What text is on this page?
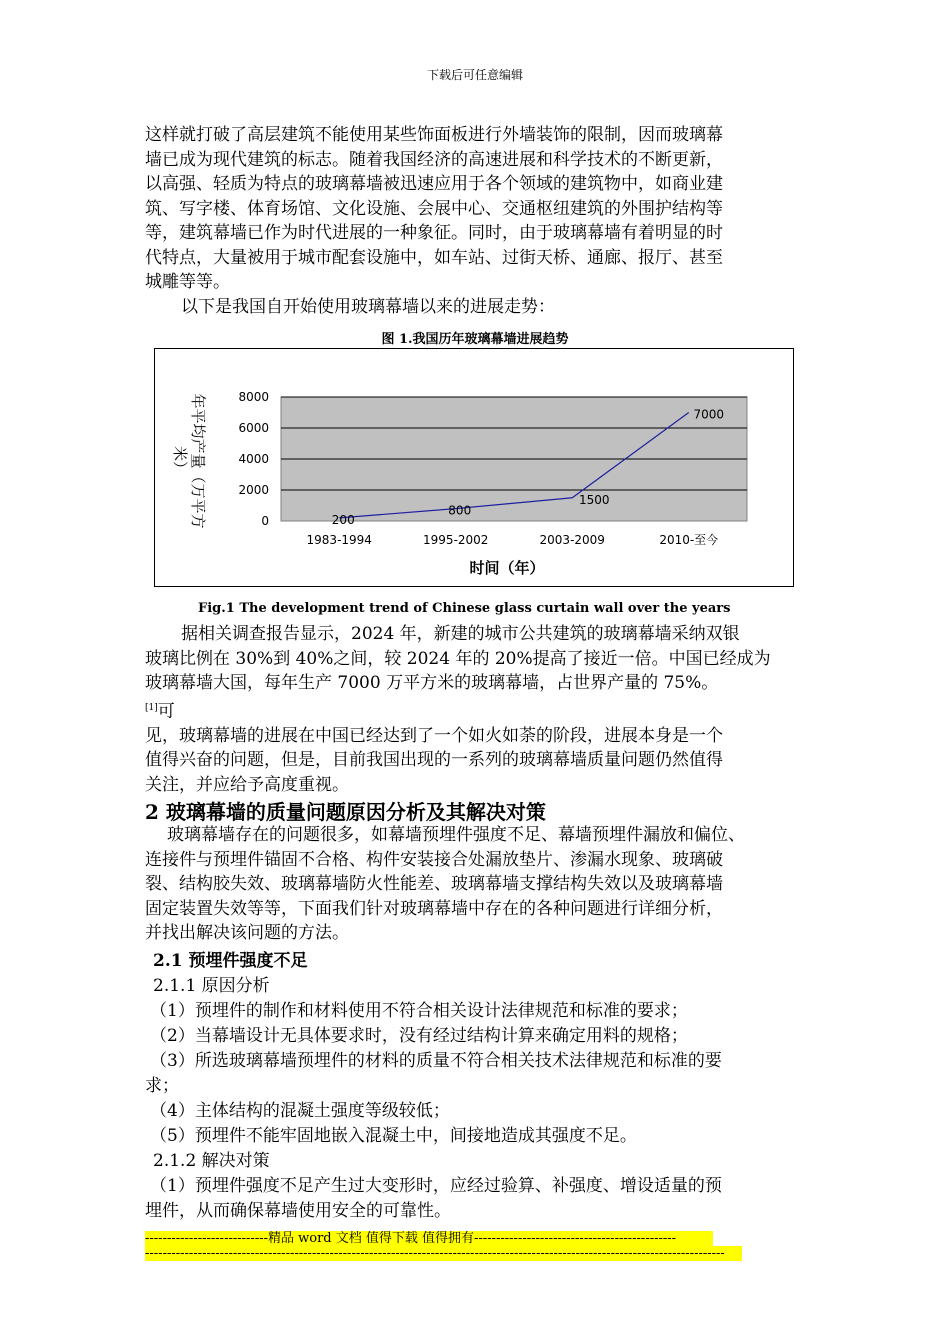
下载后可任意编辑
这样就打破了高层建筑不能使用某些饰面板进行外墙装饰的限制，因而玻璃幕
墙已成为现代建筑的标志。随着我国经济的高速进展和科学技术的不断更新，
以高强、轻质为特点的玻璃幕墙被迅速应用于各个领域的建筑物中，如商业建
筑、写字楼、体育场馆、文化设施、会展中心、交通枢纽建筑的外围护结构等
等，建筑幕墙已作为时代进展的一种象征。同时，由于玻璃幕墙有着明显的时
代特点，大量被用于城市配套设施中，如车站、过街天桥、通廊、报厅、甚至
城雕等等。
以下是我国自开始使用玻璃幕墙以来的进展走势：
图 1.我国历年玻璃幕墙进展趋势
0
2000
4000
6000
8000
1983-1994	1995-2002	2003-2009	2010-至今
200
800
1500
7000
年平均产量（万平方
米）
时间（年）
Fig.1 The development trend of Chinese glass curtain wall over the years
据相关调查报告显示，2024 年，新建的城市公共建筑的玻璃幕墙采纳双银
玻璃比例在 30%到 40%之间，较 2024 年的 20%提高了接近一倍。中国已经成为
玻璃幕墙大国，每年生产 7000 万平方米的玻璃幕墙，占世界产量的 75%。
[1]可
见，玻璃幕墙的进展在中国已经达到了一个如火如荼的阶段，进展本身是一个
值得兴奋的问题，但是，目前我国出现的一系列的玻璃幕墙质量问题仍然值得
关注，并应给予高度重视。
2 玻璃幕墙的质量问题原因分析及其解决对策
玻璃幕墙存在的问题很多，如幕墙预埋件强度不足、幕墙预埋件漏放和偏位、
连接件与预埋件锚固不合格、构件安装接合处漏放垫片、渗漏水现象、玻璃破
裂、结构胶失效、玻璃幕墙防火性能差、玻璃幕墙支撑结构失效以及玻璃幕墙
固定装置失效等等，下面我们针对玻璃幕墙中存在的各种问题进行详细分析，
并找出解决该问题的方法。
2.1 预埋件强度不足
2.1.1 原因分析
（1）预埋件的制作和材料使用不符合相关设计法律规范和标准的要求；
（2）当幕墙设计无具体要求时，没有经过结构计算来确定用料的规格；
（3）所选玻璃幕墙预埋件的材料的质量不符合相关技术法律规范和标准的要
求；
（4）主体结构的混凝土强度等级较低；
（5）预埋件不能牢固地嵌入混凝土中，间接地造成其强度不足。
2.1.2 解决对策
（1）预埋件强度不足产生过大变形时，应经过验算、补强度、增设适量的预
埋件，从而确保幕墙使用安全的可靠性。
----------------------------精品 word 文档 值得下载 值得拥有----------------------------------------------
------------------------------------------------------------------------------------------------------------------------------------
